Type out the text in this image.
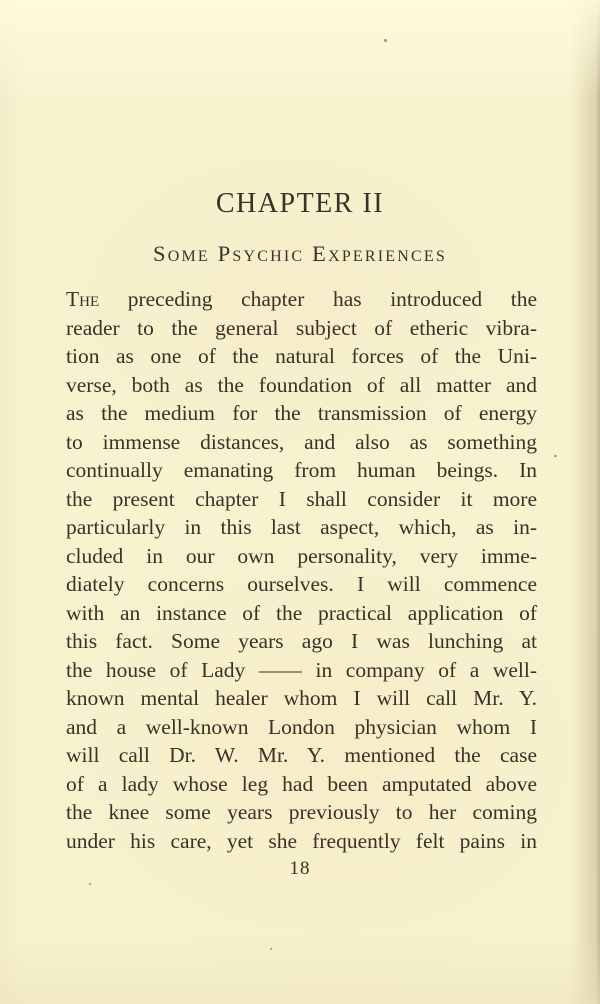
CHAPTER II
Some Psychic Experiences
The preceding chapter has introduced the
reader to the general subject of etheric vibra-
tion as one of the natural forces of the Uni-
verse, both as the foundation of all matter and
as the medium for the transmission of energy
to immense distances, and also as something
continually emanating from human beings. In
the present chapter I shall consider it more
particularly in this last aspect, which, as in-
cluded in our own personality, very imme-
diately concerns ourselves. I will commence
with an instance of the practical application of
this fact. Some years ago I was lunching at
the house of Lady —— in company of a well-
known mental healer whom I will call Mr. Y.
and a well-known London physician whom I
will call Dr. W. Mr. Y. mentioned the case
of a lady whose leg had been amputated above
the knee some years previously to her coming
under his care, yet she frequently felt pains in
18
